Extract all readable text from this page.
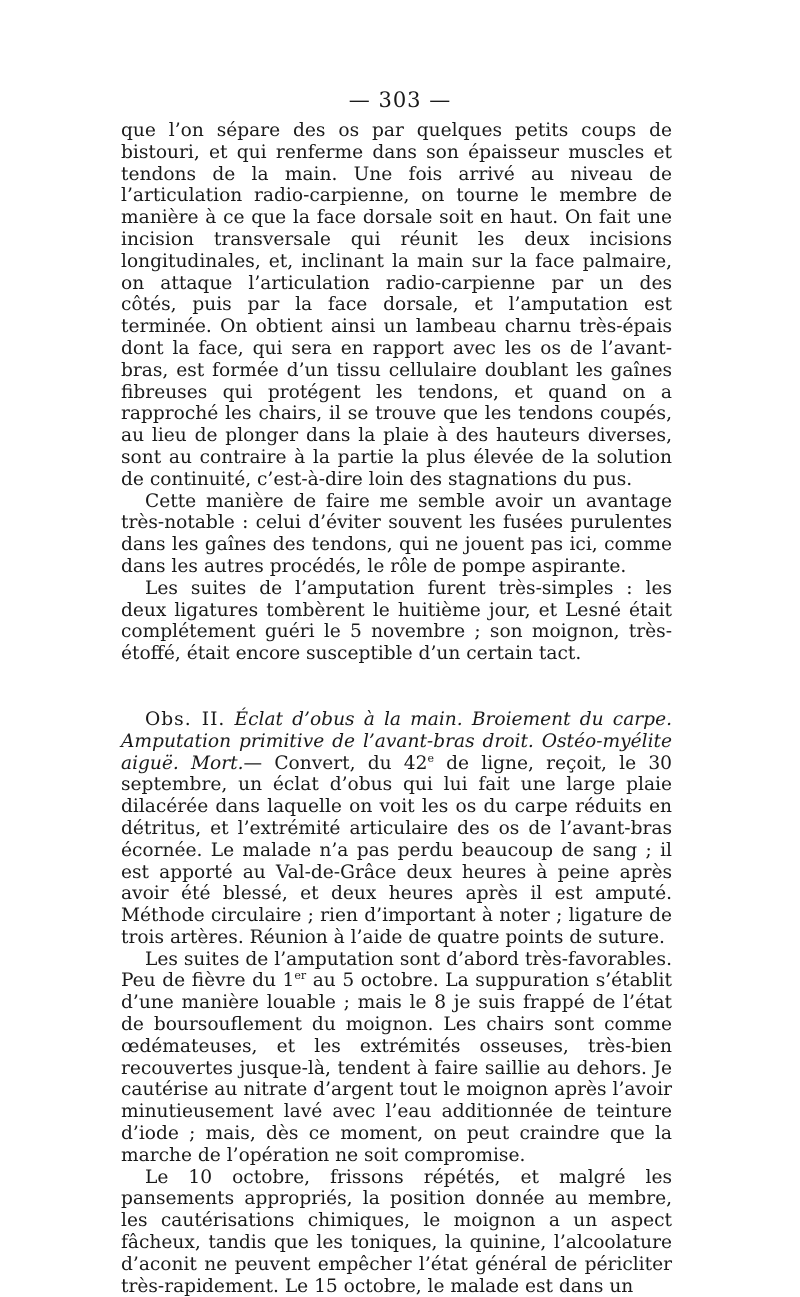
— 303 —

que l’on sépare des os par quelques petits coups de bistouri, et qui renferme dans son épaisseur muscles et tendons de la main. Une fois arrivé au niveau de l’articulation radio-carpienne, on tourne le membre de manière à ce que la face dorsale soit en haut. On fait une incision transversale qui réunit les deux incisions longitudinales, et, inclinant la main sur la face palmaire, on attaque l’articulation radio-carpienne par un des côtés, puis par la face dorsale, et l’amputation est terminée. On obtient ainsi un lambeau charnu très-épais dont la face, qui sera en rapport avec les os de l’avant-bras, est formée d’un tissu cellulaire doublant les gaînes fibreuses qui protégent les tendons, et quand on a rapproché les chairs, il se trouve que les tendons coupés, au lieu de plonger dans la plaie à des hauteurs diverses, sont au contraire à la partie la plus élevée de la solution de continuité, c’est-à-dire loin des stagnations du pus.

Cette manière de faire me semble avoir un avantage très-notable : celui d’éviter souvent les fusées purulentes dans les gaînes des tendons, qui ne jouent pas ici, comme dans les autres procédés, le rôle de pompe aspirante.

Les suites de l’amputation furent très-simples : les deux ligatures tombèrent le huitième jour, et Lesné était complétement guéri le 5 novembre ; son moignon, très-étoffé, était encore susceptible d’un certain tact.

Obs. II. Éclat d’obus à la main. Broiement du carpe. Amputation primitive de l’avant-bras droit. Ostéo-myélite aiguë. Mort.— Convert, du 42e de ligne, reçoit, le 30 septembre, un éclat d’obus qui lui fait une large plaie dilacérée dans laquelle on voit les os du carpe réduits en détritus, et l’extrémité articulaire des os de l’avant-bras écornée. Le malade n’a pas perdu beaucoup de sang ; il est apporté au Val-de-Grâce deux heures à peine après avoir été blessé, et deux heures après il est amputé. Méthode circulaire ; rien d’important à noter ; ligature de trois artères. Réunion à l’aide de quatre points de suture.

Les suites de l’amputation sont d’abord très-favorables. Peu de fièvre du 1er au 5 octobre. La suppuration s’établit d’une manière louable ; mais le 8 je suis frappé de l’état de boursouflement du moignon. Les chairs sont comme œdémateuses, et les extrémités osseuses, très-bien recouvertes jusque-là, tendent à faire saillie au dehors. Je cautérise au nitrate d’argent tout le moignon après l’avoir minutieusement lavé avec l’eau additionnée de teinture d’iode ; mais, dès ce moment, on peut craindre que la marche de l’opération ne soit compromise.

Le 10 octobre, frissons répétés, et malgré les pansements appropriés, la position donnée au membre, les cautérisations chimiques, le moignon a un aspect fâcheux, tandis que les toniques, la quinine, l’alcoolature d’aconit ne peuvent empêcher l’état général de péricliter très-rapidement. Le 15 octobre, le malade est dans un
